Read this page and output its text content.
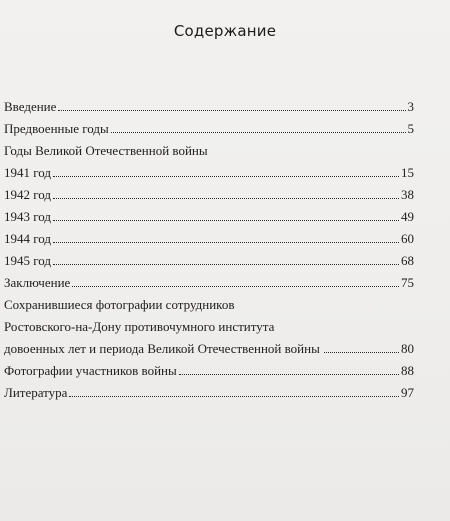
Содержание
Введение	3
Предвоенные годы	5
Годы Великой Отечественной войны
1941 год	15
1942 год	38
1943 год	49
1944 год	60
1945 год	68
Заключение	75
Сохранившиеся фотографии сотрудников
Ростовского-на-Дону противочумного института
довоенных лет и периода Великой Отечественной войны	80
Фотографии участников войны	88
Литература	97
